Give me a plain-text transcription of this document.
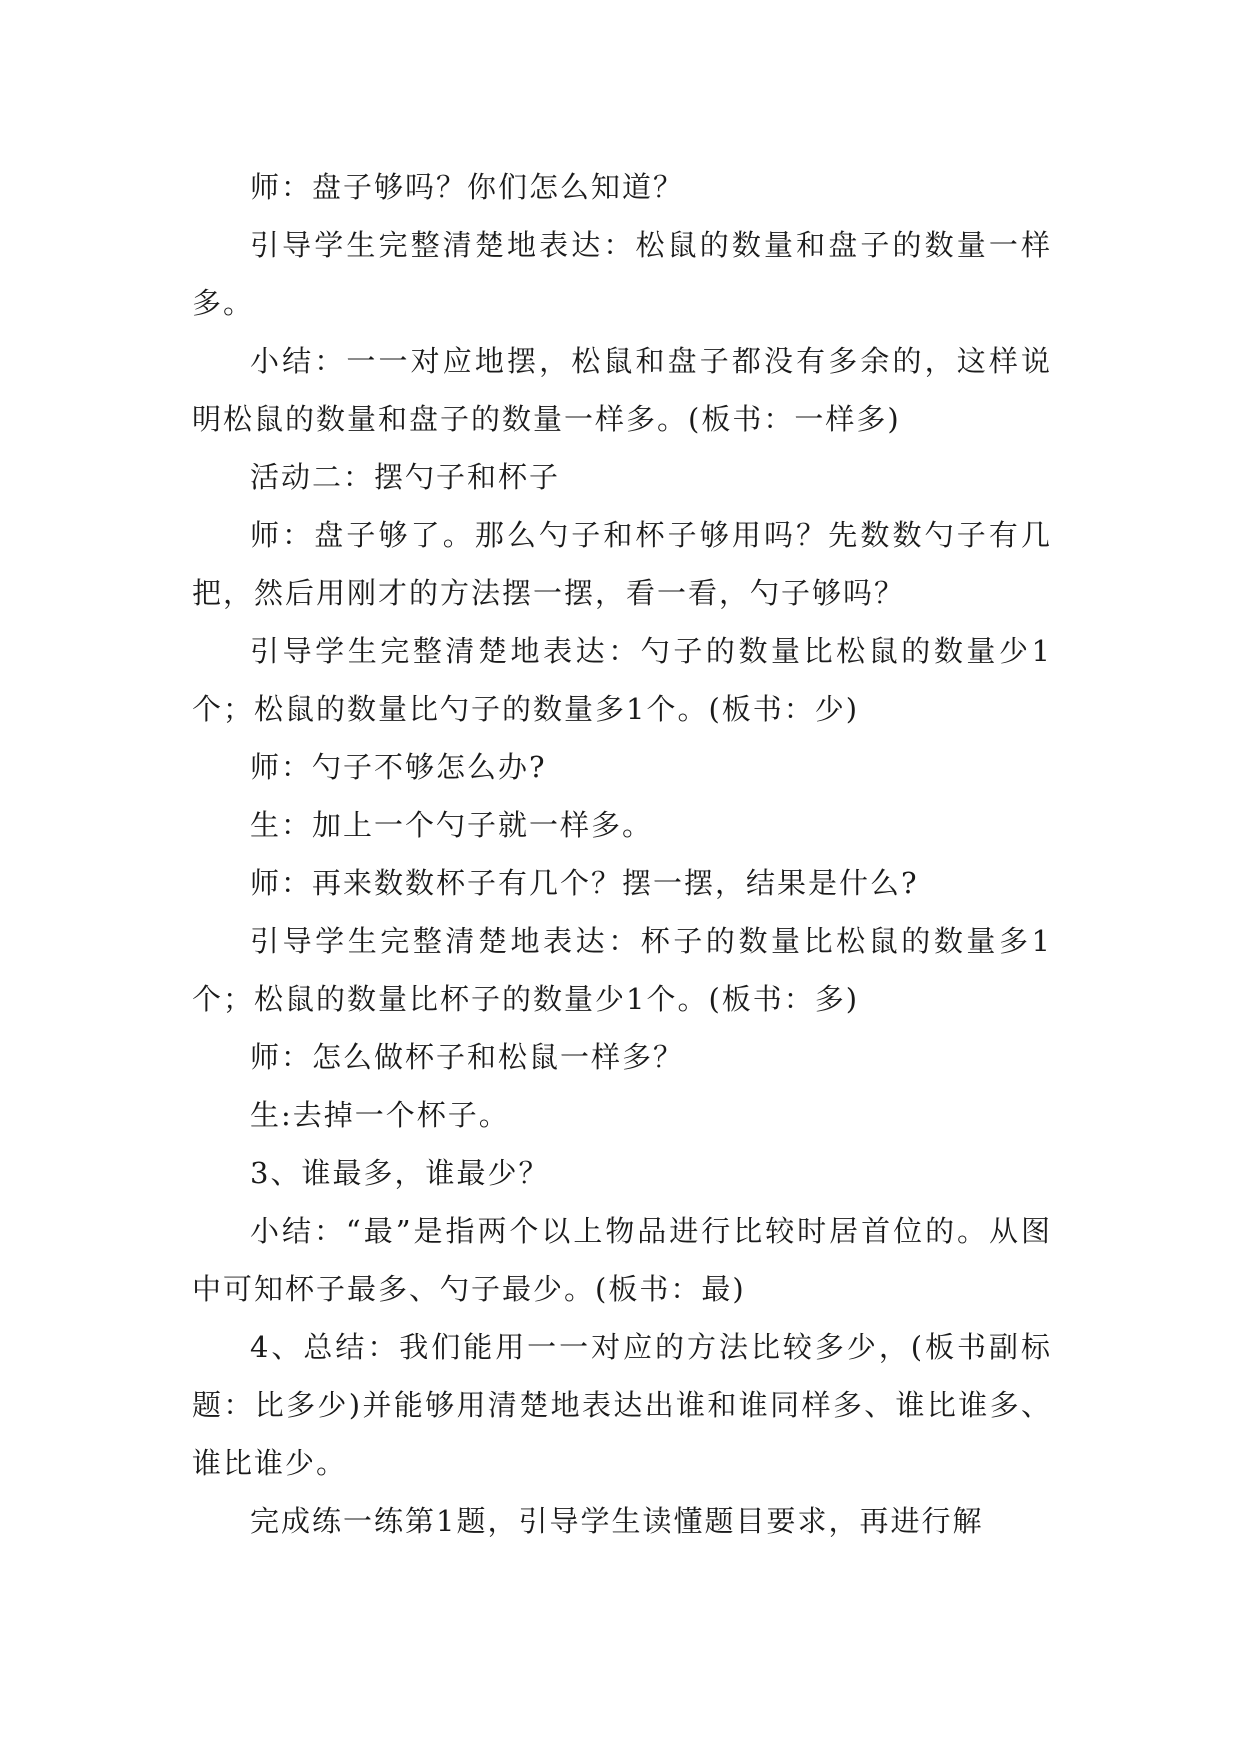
师：盘子够吗？你们怎么知道？

引导学生完整清楚地表达：松鼠的数量和盘子的数量一样多。

小结：一一对应地摆，松鼠和盘子都没有多余的，这样说明松鼠的数量和盘子的数量一样多。(板书：一样多)

活动二：摆勺子和杯子

师：盘子够了。那么勺子和杯子够用吗？先数数勺子有几把，然后用刚才的方法摆一摆，看一看，勺子够吗？

引导学生完整清楚地表达：勺子的数量比松鼠的数量少1个；松鼠的数量比勺子的数量多1个。(板书：少)

师：勺子不够怎么办?

生：加上一个勺子就一样多。

师：再来数数杯子有几个？摆一摆，结果是什么?

引导学生完整清楚地表达：杯子的数量比松鼠的数量多1个；松鼠的数量比杯子的数量少1个。(板书：多)

师：怎么做杯子和松鼠一样多？

生:去掉一个杯子。

3、谁最多，谁最少？

小结：“最”是指两个以上物品进行比较时居首位的。从图中可知杯子最多、勺子最少。(板书：最)

4、总结：我们能用一一对应的方法比较多少，(板书副标题：比多少)并能够用清楚地表达出谁和谁同样多、谁比谁多、谁比谁少。

完成练一练第1题，引导学生读懂题目要求，再进行解
